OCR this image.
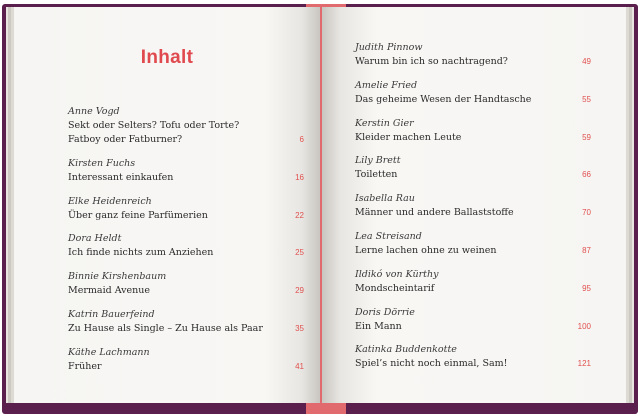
Inhalt
Anne Vogd
Sekt oder Selters? Tofu oder Torte?
Fatboy oder Fatburner?	6
Kirsten Fuchs
Interessant einkaufen	16
Elke Heidenreich
Über ganz feine Parfümerien	22
Dora Heldt
Ich finde nichts zum Anziehen	25
Binnie Kirshenbaum
Mermaid Avenue	29
Katrin Bauerfeind
Zu Hause als Single – Zu Hause als Paar	35
Käthe Lachmann
Früher	41
Judith Pinnow
Warum bin ich so nachtragend?	49
Amelie Fried
Das geheime Wesen der Handtasche	55
Kerstin Gier
Kleider machen Leute	59
Lily Brett
Toiletten	66
Isabella Rau
Männer und andere Ballaststoffe	70
Lea Streisand
Lerne lachen ohne zu weinen	87
Ildikó von Kürthy
Mondscheintarif	95
Doris Dörrie
Ein Mann	100
Katinka Buddenkotte
Spiel’s nicht noch einmal, Sam!	121
